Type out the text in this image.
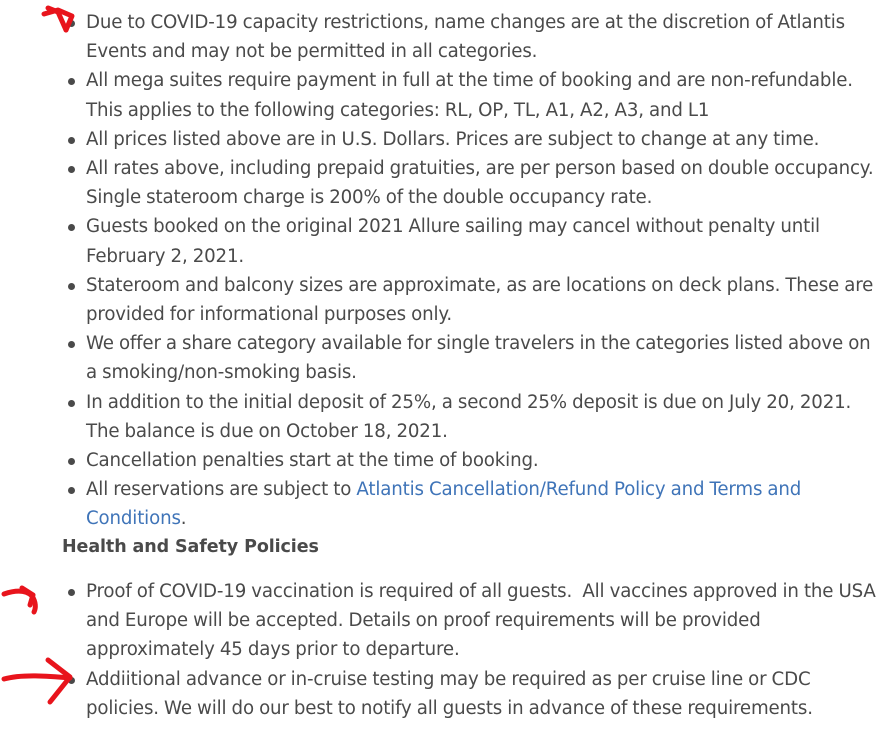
Due to COVID-19 capacity restrictions, name changes are at the discretion of Atlantis Events and may not be permitted in all categories.
All mega suites require payment in full at the time of booking and are non-refundable. This applies to the following categories: RL, OP, TL, A1, A2, A3, and L1
All prices listed above are in U.S. Dollars. Prices are subject to change at any time.
All rates above, including prepaid gratuities, are per person based on double occupancy. Single stateroom charge is 200% of the double occupancy rate.
Guests booked on the original 2021 Allure sailing may cancel without penalty until February 2, 2021.
Stateroom and balcony sizes are approximate, as are locations on deck plans. These are provided for informational purposes only.
We offer a share category available for single travelers in the categories listed above on a smoking/non-smoking basis.
In addition to the initial deposit of 25%, a second 25% deposit is due on July 20, 2021. The balance is due on October 18, 2021.
Cancellation penalties start at the time of booking.
All reservations are subject to Atlantis Cancellation/Refund Policy and Terms and Conditions.
Health and Safety Policies
Proof of COVID-19 vaccination is required of all guests.  All vaccines approved in the USA and Europe will be accepted. Details on proof requirements will be provided approximately 45 days prior to departure.
Addiitional advance or in-cruise testing may be required as per cruise line or CDC policies. We will do our best to notify all guests in advance of these requirements.
